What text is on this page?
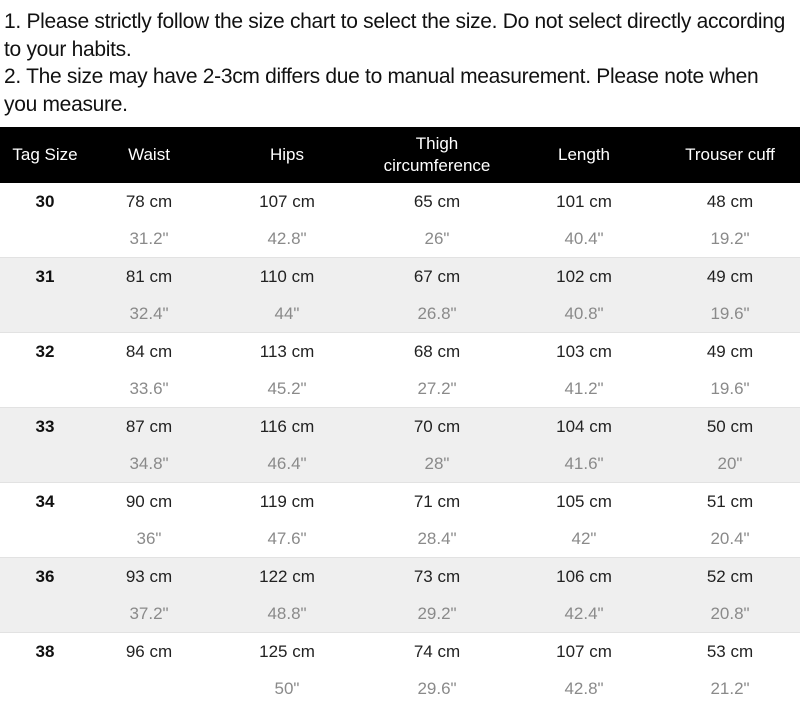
1. Please strictly follow the size chart to select the size. Do not select directly according to your habits.

2. The size may have 2-3cm differs due to manual measurement. Please note when you measure.

Tag Size	Waist	Hips	Thigh circumference	Length	Trouser cuff
30	78 cm	107 cm	65 cm	101 cm	48 cm
	31.2"	42.8"	26"	40.4"	19.2"
31	81 cm	110 cm	67 cm	102 cm	49 cm
	32.4"	44"	26.8"	40.8"	19.6"
32	84 cm	113 cm	68 cm	103 cm	49 cm
	33.6"	45.2"	27.2"	41.2"	19.6"
33	87 cm	116 cm	70 cm	104 cm	50 cm
	34.8"	46.4"	28"	41.6"	20"
34	90 cm	119 cm	71 cm	105 cm	51 cm
	36"	47.6"	28.4"	42"	20.4"
36	93 cm	122 cm	73 cm	106 cm	52 cm
	37.2"	48.8"	29.2"	42.4"	20.8"
38	96 cm	125 cm	74 cm	107 cm	53 cm
		50"	29.6"	42.8"	21.2"
